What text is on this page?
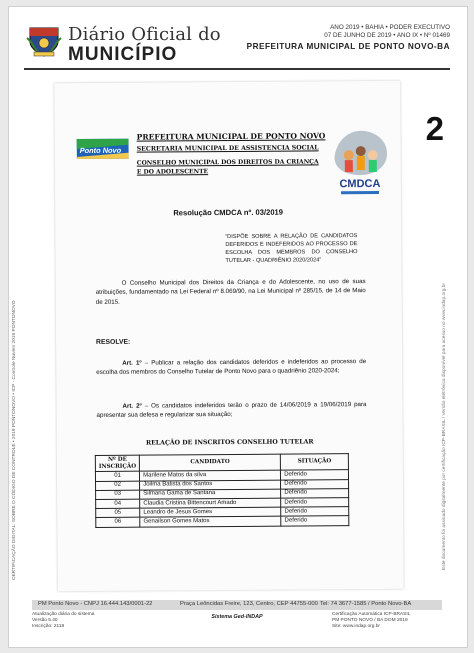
Diário Oficial do
MUNICÍPIO
ANO 2019 • BAHIA • PODER EXECUTIVO
07 DE JUNHO DE 2019 • ANO IX • Nº 01469
PREFEITURA MUNICIPAL DE PONTO NOVO-BA
2
CERTIFICAÇÃO DIGITAL: SOBRE O CÓDIGO DE CONTROLE • 2019 PONTONOVO • ICP - Controle Nuvem 2019 PONTONOVO	Este documento foi assinado digitalmente por certificação ICP-BRASIL / Versão eletrônica disponível para acesso no www.indap.org.br
Ponto Novo
PREFEITURA MUNICIPAL DE PONTO NOVO
SECRETARIA MUNICIPAL DE ASSISTENCIA SOCIAL
CONSELHO MUNICIPAL DOS DIREITOS DA CRIANÇA E DO ADOLESCENTE
CMDCA
Resolução CMDCA nº. 03/2019
“DISPÕE SOBRE A RELAÇÃO DE CANDIDATOS DEFERIDOS E INDEFERIDOS AO PROCESSO DE ESCOLHA DOS MEMBROS DO CONSELHO TUTELAR - QUADRIÊNIO 2020/2024”
O Conselho Municipal dos Direitos da Criança e do Adolescente, no uso de suas atribuições, fundamentado na Lei Federal nº 8.069/90, na Lei Municipal nº 285/15, de 14 de Maio de 2015.
RESOLVE:
Art. 1º – Publicar a relação dos candidatos deferidos e indeferidos ao processo de escolha dos membros do Conselho Tutelar de Ponto Novo para o quadriênio 2020-2024;
Art. 2º – Os candidatos indeferidos terão o prazo de 14/06/2019 a 19/06/2019 para apresentar sua defesa e regularizar sua situação;
RELAÇÃO DE INSCRITOS CONSELHO TUTELAR
Nº DE INSCRIÇÃO	CANDIDATO	SITUAÇÃO
01	Marilene Matos da silva	Deferido
02	Joilma Batista dos Santos	Deferido
03	Silmaria Gama de Santana	Deferido
04	Claudia Cristina Bittencourt Amado	Deferido
05	Leandro de Jesus Gomes	Deferido
06	Genailson Gomes Matos	Deferido
PM Ponto Novo - CNPJ 16.444.143/0001-22	Praça Leôncidas Freire, 123, Centro, CEP 44755-000 Tel: 74 3677-1585 / Ponto Novo-BA
Atualização diária do sistema
Versão 5.40
Inscrição: 2118
Sistema Ged-INDAP	Certificação Automática ICP-BRASIL
PM PONTO NOVO / BA DOM 2019
Site: www.indap.org.br
